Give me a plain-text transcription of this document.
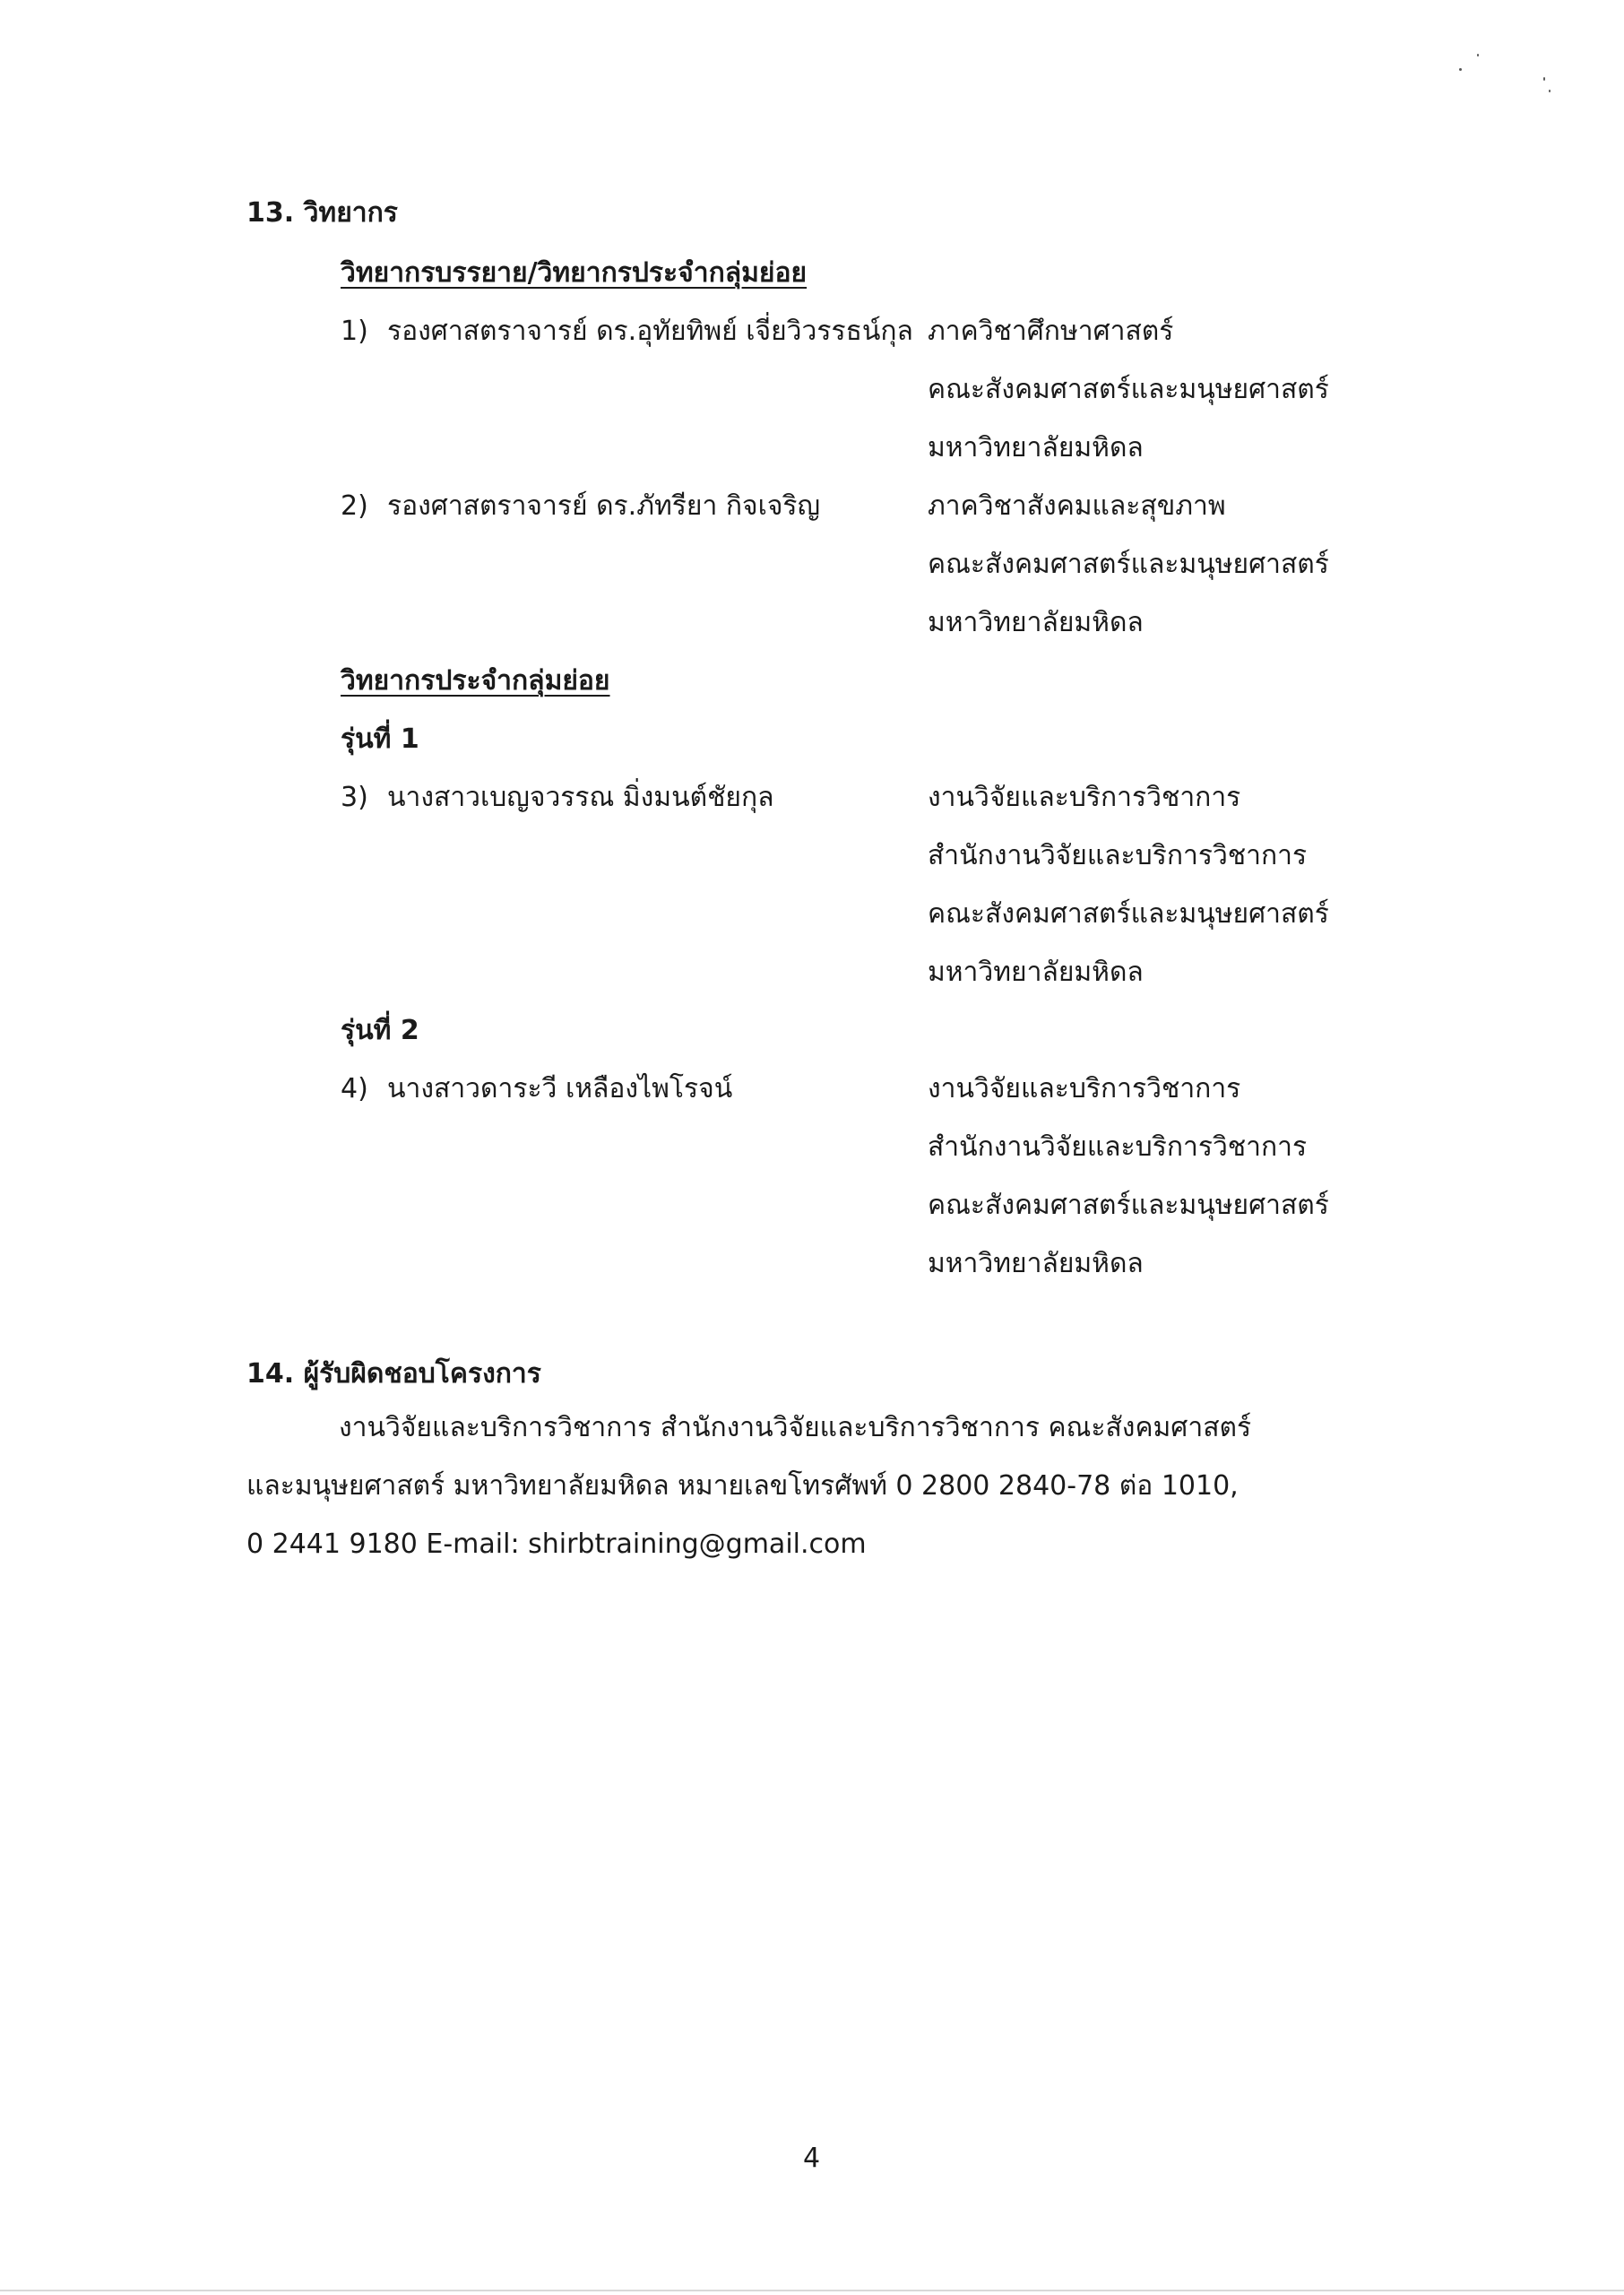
13. วิทยากร
วิทยากรบรรยาย/วิทยากรประจำกลุ่มย่อย
1) รองศาสตราจารย์ ดร.อุทัยทิพย์ เจี่ยวิวรรธน์กุล ภาควิชาศึกษาศาสตร์
คณะสังคมศาสตร์และมนุษยศาสตร์
มหาวิทยาลัยมหิดล
2) รองศาสตราจารย์ ดร.ภัทรียา กิจเจริญ	ภาควิชาสังคมและสุขภาพ
คณะสังคมศาสตร์และมนุษยศาสตร์
มหาวิทยาลัยมหิดล
วิทยากรประจำกลุ่มย่อย
รุ่นที่ 1
3) นางสาวเบญจวรรณ มิ่งมนต์ชัยกุล	งานวิจัยและบริการวิชาการ
สำนักงานวิจัยและบริการวิชาการ
คณะสังคมศาสตร์และมนุษยศาสตร์
มหาวิทยาลัยมหิดล
รุ่นที่ 2
4) นางสาวดาระวี เหลืองไพโรจน์	งานวิจัยและบริการวิชาการ
สำนักงานวิจัยและบริการวิชาการ
คณะสังคมศาสตร์และมนุษยศาสตร์
มหาวิทยาลัยมหิดล
14. ผู้รับผิดชอบโครงการ
งานวิจัยและบริการวิชาการ สำนักงานวิจัยและบริการวิชาการ คณะสังคมศาสตร์
และมนุษยศาสตร์ มหาวิทยาลัยมหิดล หมายเลขโทรศัพท์ 0 2800 2840-78 ต่อ 1010,
0 2441 9180 E-mail: shirbtraining@gmail.com
4
